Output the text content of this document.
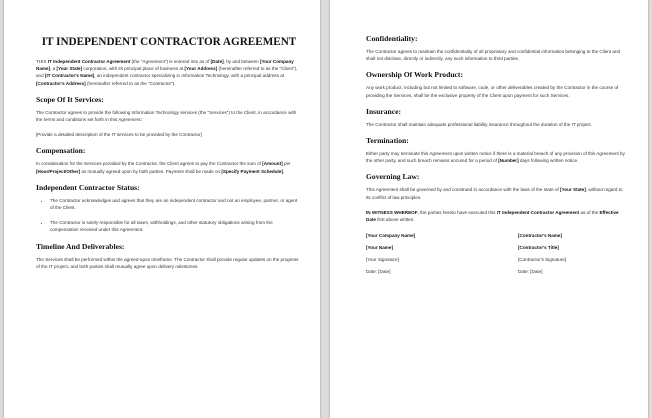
IT INDEPENDENT CONTRACTOR AGREEMENT
THIS IT Independent Contractor Agreement (the "Agreement") is entered into as of [Date], by and between [Your Company Name], a [Your State] corporation, with its principal place of business at [Your Address] (hereinafter referred to as the "Client"), and [IT Contractor's Name], an independent contractor specializing in Information Technology, with a principal address at [Contractor's Address] (hereinafter referred to as the "Contractor").
Scope Of It Services:
The Contractor agrees to provide the following Information Technology services (the "Services") to the Client, in accordance with the terms and conditions set forth in this Agreement:
[Provide a detailed description of the IT services to be provided by the Contractor]
Compensation:
In consideration for the Services provided by the Contractor, the Client agrees to pay the Contractor the sum of [Amount] per [Hour/Project/Other] as mutually agreed upon by both parties. Payment shall be made on [Specify Payment Schedule].
Independent Contractor Status:
• The Contractor acknowledges and agrees that they are an independent contractor and not an employee, partner, or agent of the Client.
• The Contractor is solely responsible for all taxes, withholdings, and other statutory obligations arising from the compensation received under this Agreement.
Timeline And Deliverables:
The Services shall be performed within the agreed-upon timeframe. The Contractor shall provide regular updates on the progress of the IT project, and both parties shall mutually agree upon delivery milestones.
Confidentiality:
The Contractor agrees to maintain the confidentiality of all proprietary and confidential information belonging to the Client and shall not disclose, directly or indirectly, any such information to third parties.
Ownership Of Work Product:
Any work product, including but not limited to software, code, or other deliverables created by the Contractor in the course of providing the Services, shall be the exclusive property of the Client upon payment for such Services.
Insurance:
The Contractor shall maintain adequate professional liability insurance throughout the duration of the IT project.
Termination:
Either party may terminate this Agreement upon written notice if there is a material breach of any provision of this Agreement by the other party, and such breach remains uncured for a period of [Number] days following written notice.
Governing Law:
This Agreement shall be governed by and construed in accordance with the laws of the state of [Your State], without regard to its conflict of law principles.
IN WITNESS WHEREOF, the parties hereto have executed this IT Independent Contractor Agreement as of the Effective Date first above written.
[Your Company Name]	[Contractor's Name]
[Your Name]	[Contractor's Title]
[Your Signature]	[Contractor's Signature]
Date: [Date]	Date: [Date]
